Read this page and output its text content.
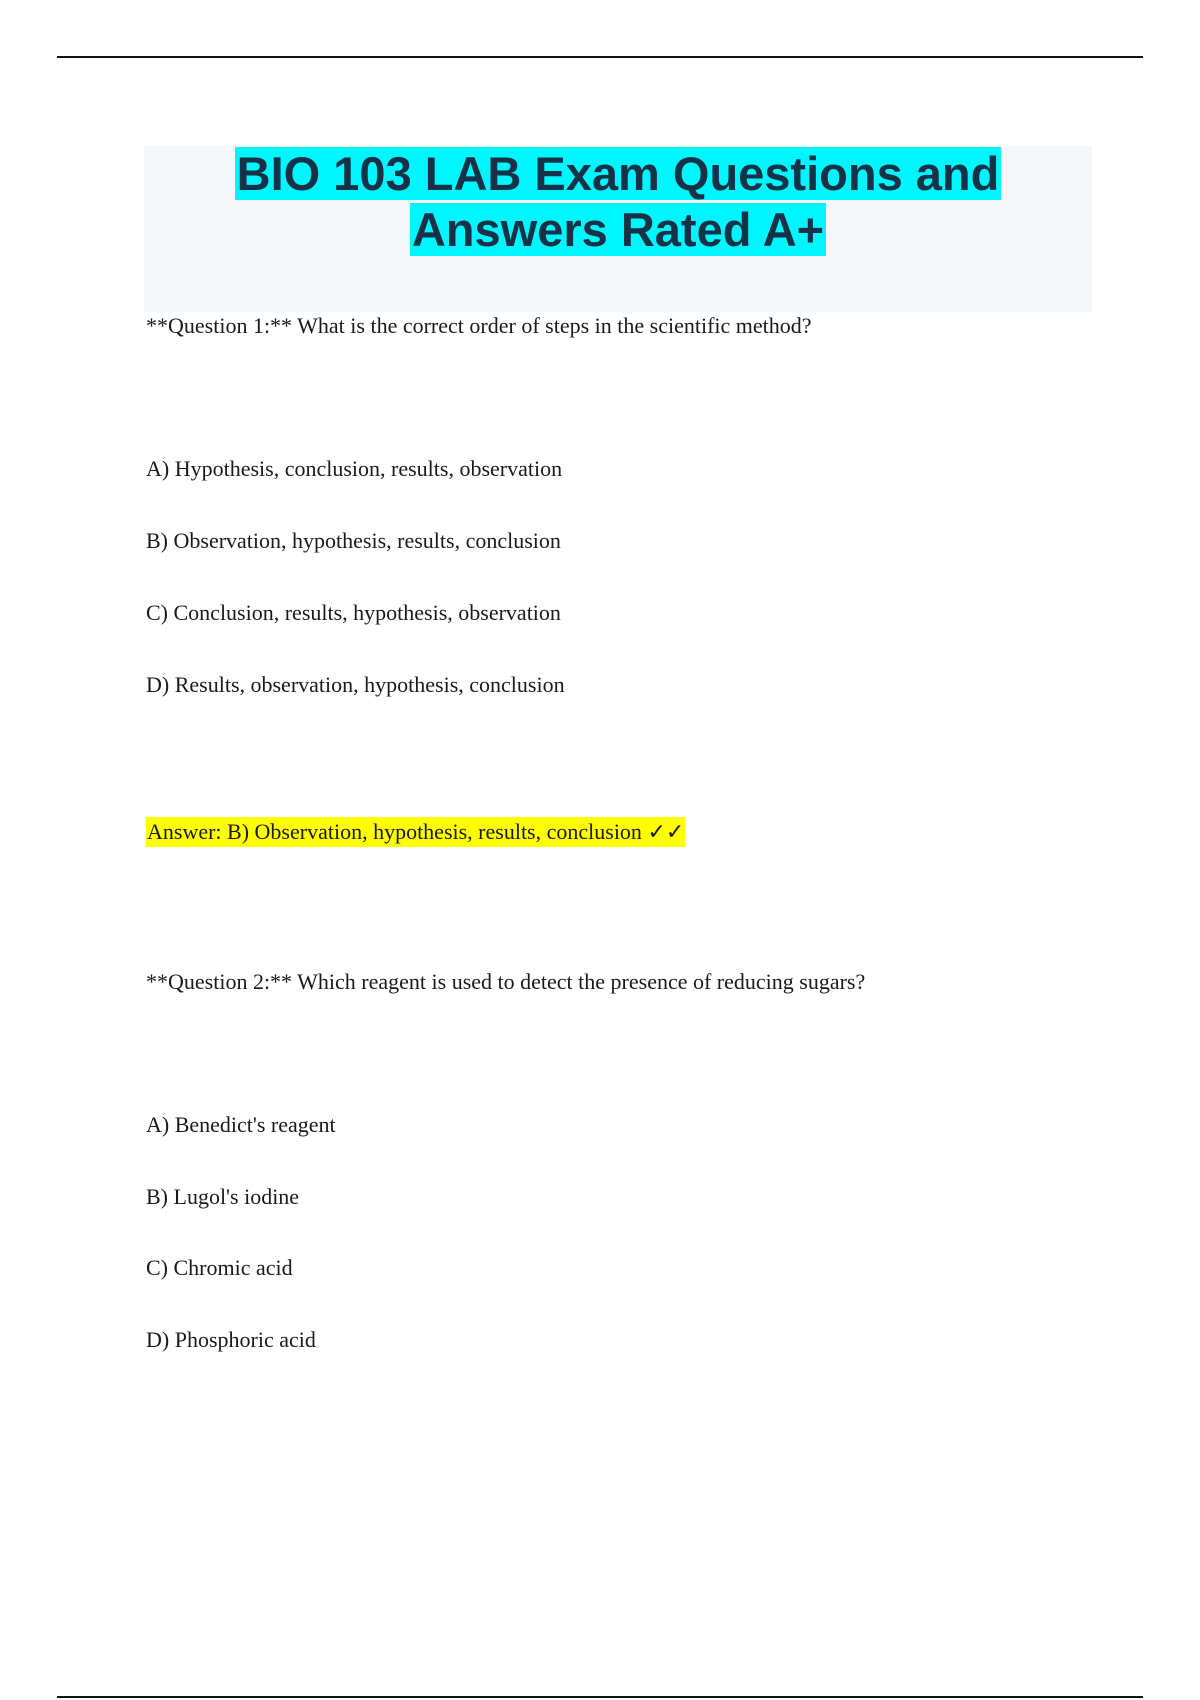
BIO 103 LAB Exam Questions and Answers Rated A+
**Question 1:** What is the correct order of steps in the scientific method?
A) Hypothesis, conclusion, results, observation
B) Observation, hypothesis, results, conclusion
C) Conclusion, results, hypothesis, observation
D) Results, observation, hypothesis, conclusion
Answer: B) Observation, hypothesis, results, conclusion ✓✓
**Question 2:** Which reagent is used to detect the presence of reducing sugars?
A) Benedict's reagent
B) Lugol's iodine
C) Chromic acid
D) Phosphoric acid
